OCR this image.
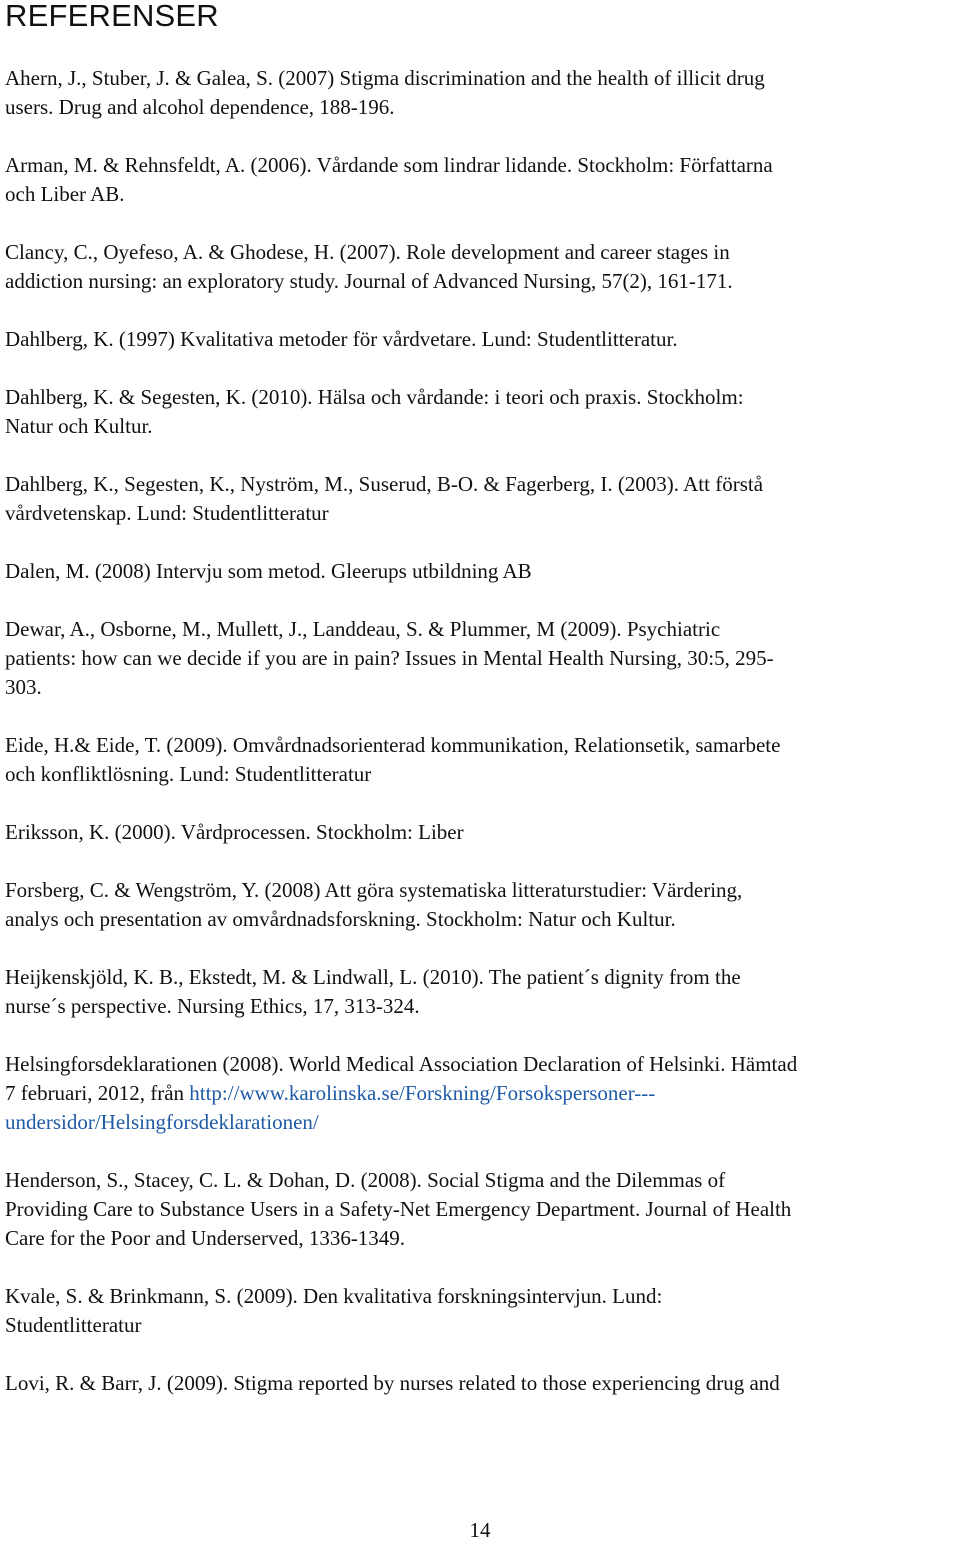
REFERENSER
Ahern, J., Stuber, J. & Galea, S. (2007) Stigma discrimination and the health of illicit drug
users. Drug and alcohol dependence, 188-196.
Arman, M. & Rehnsfeldt, A. (2006). Vårdande som lindrar lidande. Stockholm: Författarna
och Liber AB.
Clancy, C., Oyefeso, A. & Ghodese, H. (2007). Role development and career stages in
addiction nursing: an exploratory study. Journal of Advanced Nursing, 57(2), 161-171.
Dahlberg, K. (1997) Kvalitativa metoder för vårdvetare. Lund: Studentlitteratur.
Dahlberg, K. & Segesten, K. (2010). Hälsa och vårdande: i teori och praxis. Stockholm:
Natur och Kultur.
Dahlberg, K., Segesten, K., Nyström, M., Suserud, B-O. & Fagerberg, I. (2003). Att förstå
vårdvetenskap. Lund: Studentlitteratur
Dalen, M. (2008) Intervju som metod. Gleerups utbildning AB
Dewar, A., Osborne, M., Mullett, J., Landdeau, S. & Plummer, M (2009). Psychiatric
patients: how can we decide if you are in pain? Issues in Mental Health Nursing, 30:5, 295-
303.
Eide, H.& Eide, T. (2009). Omvårdnadsorienterad kommunikation, Relationsetik, samarbete
och konfliktlösning. Lund: Studentlitteratur
Eriksson, K. (2000). Vårdprocessen. Stockholm: Liber
Forsberg, C. & Wengström, Y. (2008) Att göra systematiska litteraturstudier: Värdering,
analys och presentation av omvårdnadsforskning. Stockholm: Natur och Kultur.
Heijkenskjöld, K. B., Ekstedt, M. & Lindwall, L. (2010). The patient´s dignity from the
nurse´s perspective. Nursing Ethics, 17, 313-324.
Helsingforsdeklarationen (2008). World Medical Association Declaration of Helsinki. Hämtad
7 februari, 2012, från http://www.karolinska.se/Forskning/Forsokspersoner---
undersidor/Helsingforsdeklarationen/
Henderson, S., Stacey, C. L. & Dohan, D. (2008). Social Stigma and the Dilemmas of
Providing Care to Substance Users in a Safety-Net Emergency Department. Journal of Health
Care for the Poor and Underserved, 1336-1349.
Kvale, S. & Brinkmann, S. (2009). Den kvalitativa forskningsintervjun. Lund:
Studentlitteratur
Lovi, R. & Barr, J. (2009). Stigma reported by nurses related to those experiencing drug and

14
